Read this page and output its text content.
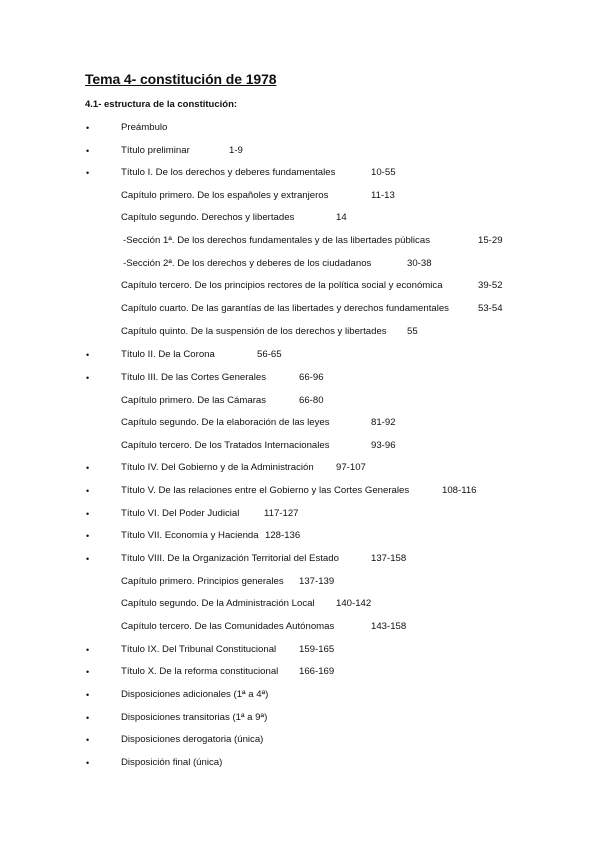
Tema 4- constitución de 1978
4.1- estructura de la constitución:
•	Preámbulo
•	Título preliminar	1-9
•	Título I. De los derechos y deberes fundamentales	10-55
Capítulo primero. De los españoles y extranjeros	11-13
Capítulo segundo. Derechos y libertades	14
-Sección 1ª. De los derechos fundamentales y de las libertades públicas	15-29
-Sección 2ª. De los derechos y deberes de los ciudadanos	30-38
Capítulo tercero. De los principios rectores de la política social y económica	39-52
Capítulo cuarto. De las garantías de las libertades y derechos fundamentales	53-54
Capítulo quinto. De la suspensión de los derechos y libertades 55
•	Título II. De la Corona	56-65
•	Título III. De las Cortes Generales	66-96
Capítulo primero. De las Cámaras	66-80
Capítulo segundo. De la elaboración de las leyes	81-92
Capítulo tercero. De los Tratados Internacionales	93-96
•	Título IV. Del Gobierno y de la Administración 97-107
•	Título V. De las relaciones entre el Gobierno y las Cortes Generales	108-116
•	Título VI. Del Poder Judicial	117-127
•	Título VII. Economía y Hacienda 128-136
•	Título VIII. De la Organización Territorial del Estado	137-158
Capítulo primero. Principios generales 137-139
Capítulo segundo. De la Administración Local 140-142
Capítulo tercero. De las Comunidades Autónomas	143-158
•	Título IX. Del Tribunal Constitucional 159-165
•	Título X. De la reforma constitucional 166-169
•	Disposiciones adicionales (1ª a 4ª)
•	Disposiciones transitorias (1ª a 9ª)
•	Disposiciones derogatoria (única)
•	Disposición final (única)
